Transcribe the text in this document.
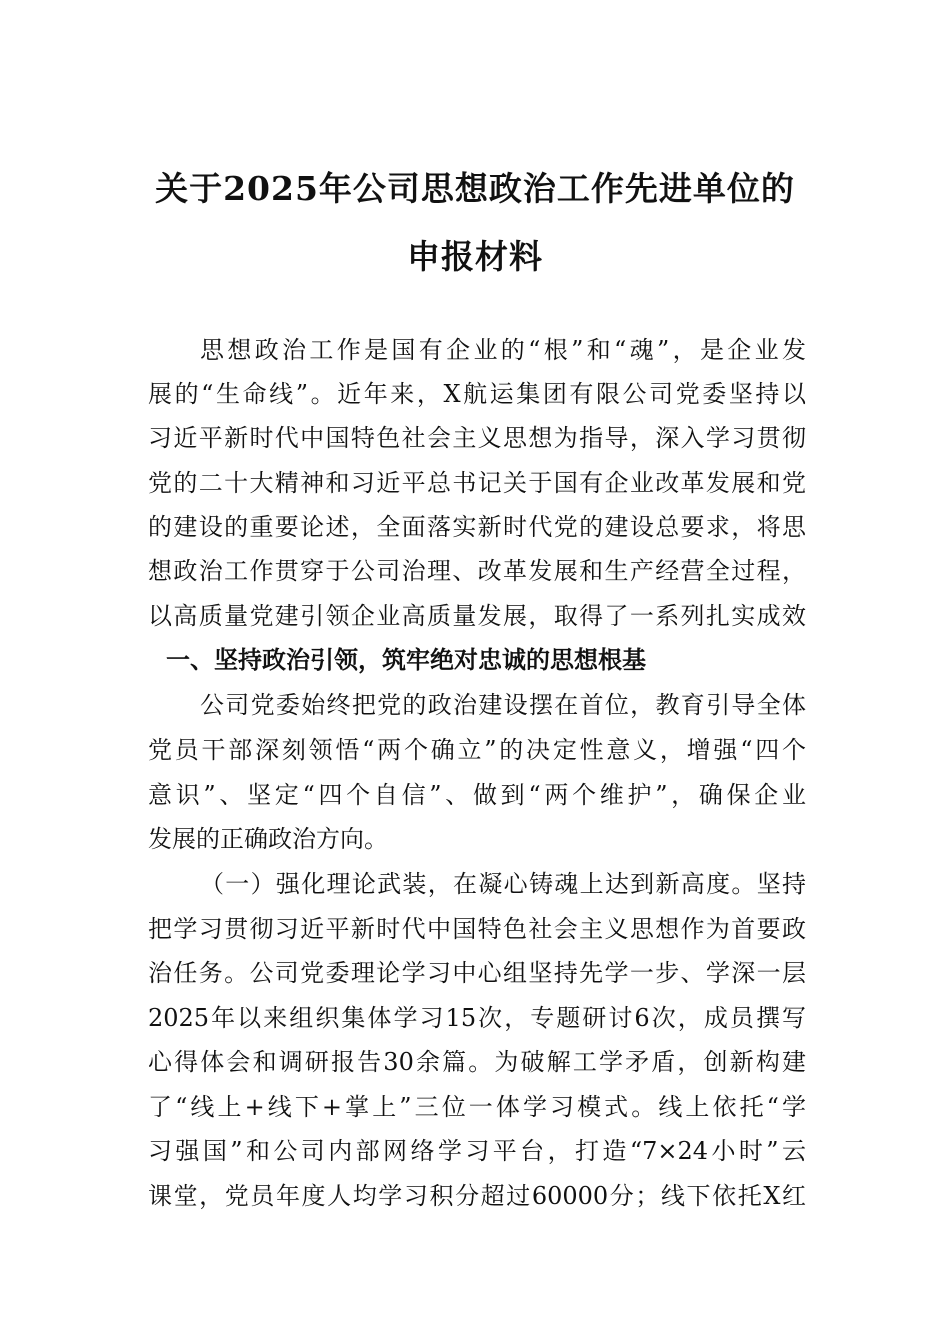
关于2025年公司思想政治工作先进单位的
申报材料
思想政治工作是国有企业的“根”和“魂”，是企业发
展的“生命线”。近年来，X航运集团有限公司党委坚持以
习近平新时代中国特色社会主义思想为指导，深入学习贯彻
党的二十大精神和习近平总书记关于国有企业改革发展和党
的建设的重要论述，全面落实新时代党的建设总要求，将思
想政治工作贯穿于公司治理、改革发展和生产经营全过程，
以高质量党建引领企业高质量发展，取得了一系列扎实成效
一、坚持政治引领，筑牢绝对忠诚的思想根基
公司党委始终把党的政治建设摆在首位，教育引导全体
党员干部深刻领悟“两个确立”的决定性意义，增强“四个
意识”、坚定“四个自信”、做到“两个维护”，确保企业
发展的正确政治方向。
（一）强化理论武装，在凝心铸魂上达到新高度。坚持
把学习贯彻习近平新时代中国特色社会主义思想作为首要政
治任务。公司党委理论学习中心组坚持先学一步、学深一层
2025年以来组织集体学习15次，专题研讨6次，成员撰写
心得体会和调研报告30余篇。为破解工学矛盾，创新构建
了“线上+线下+掌上”三位一体学习模式。线上依托“学
习强国”和公司内部网络学习平台，打造“7×24小时”云
课堂，党员年度人均学习积分超过60000分；线下依托X红
